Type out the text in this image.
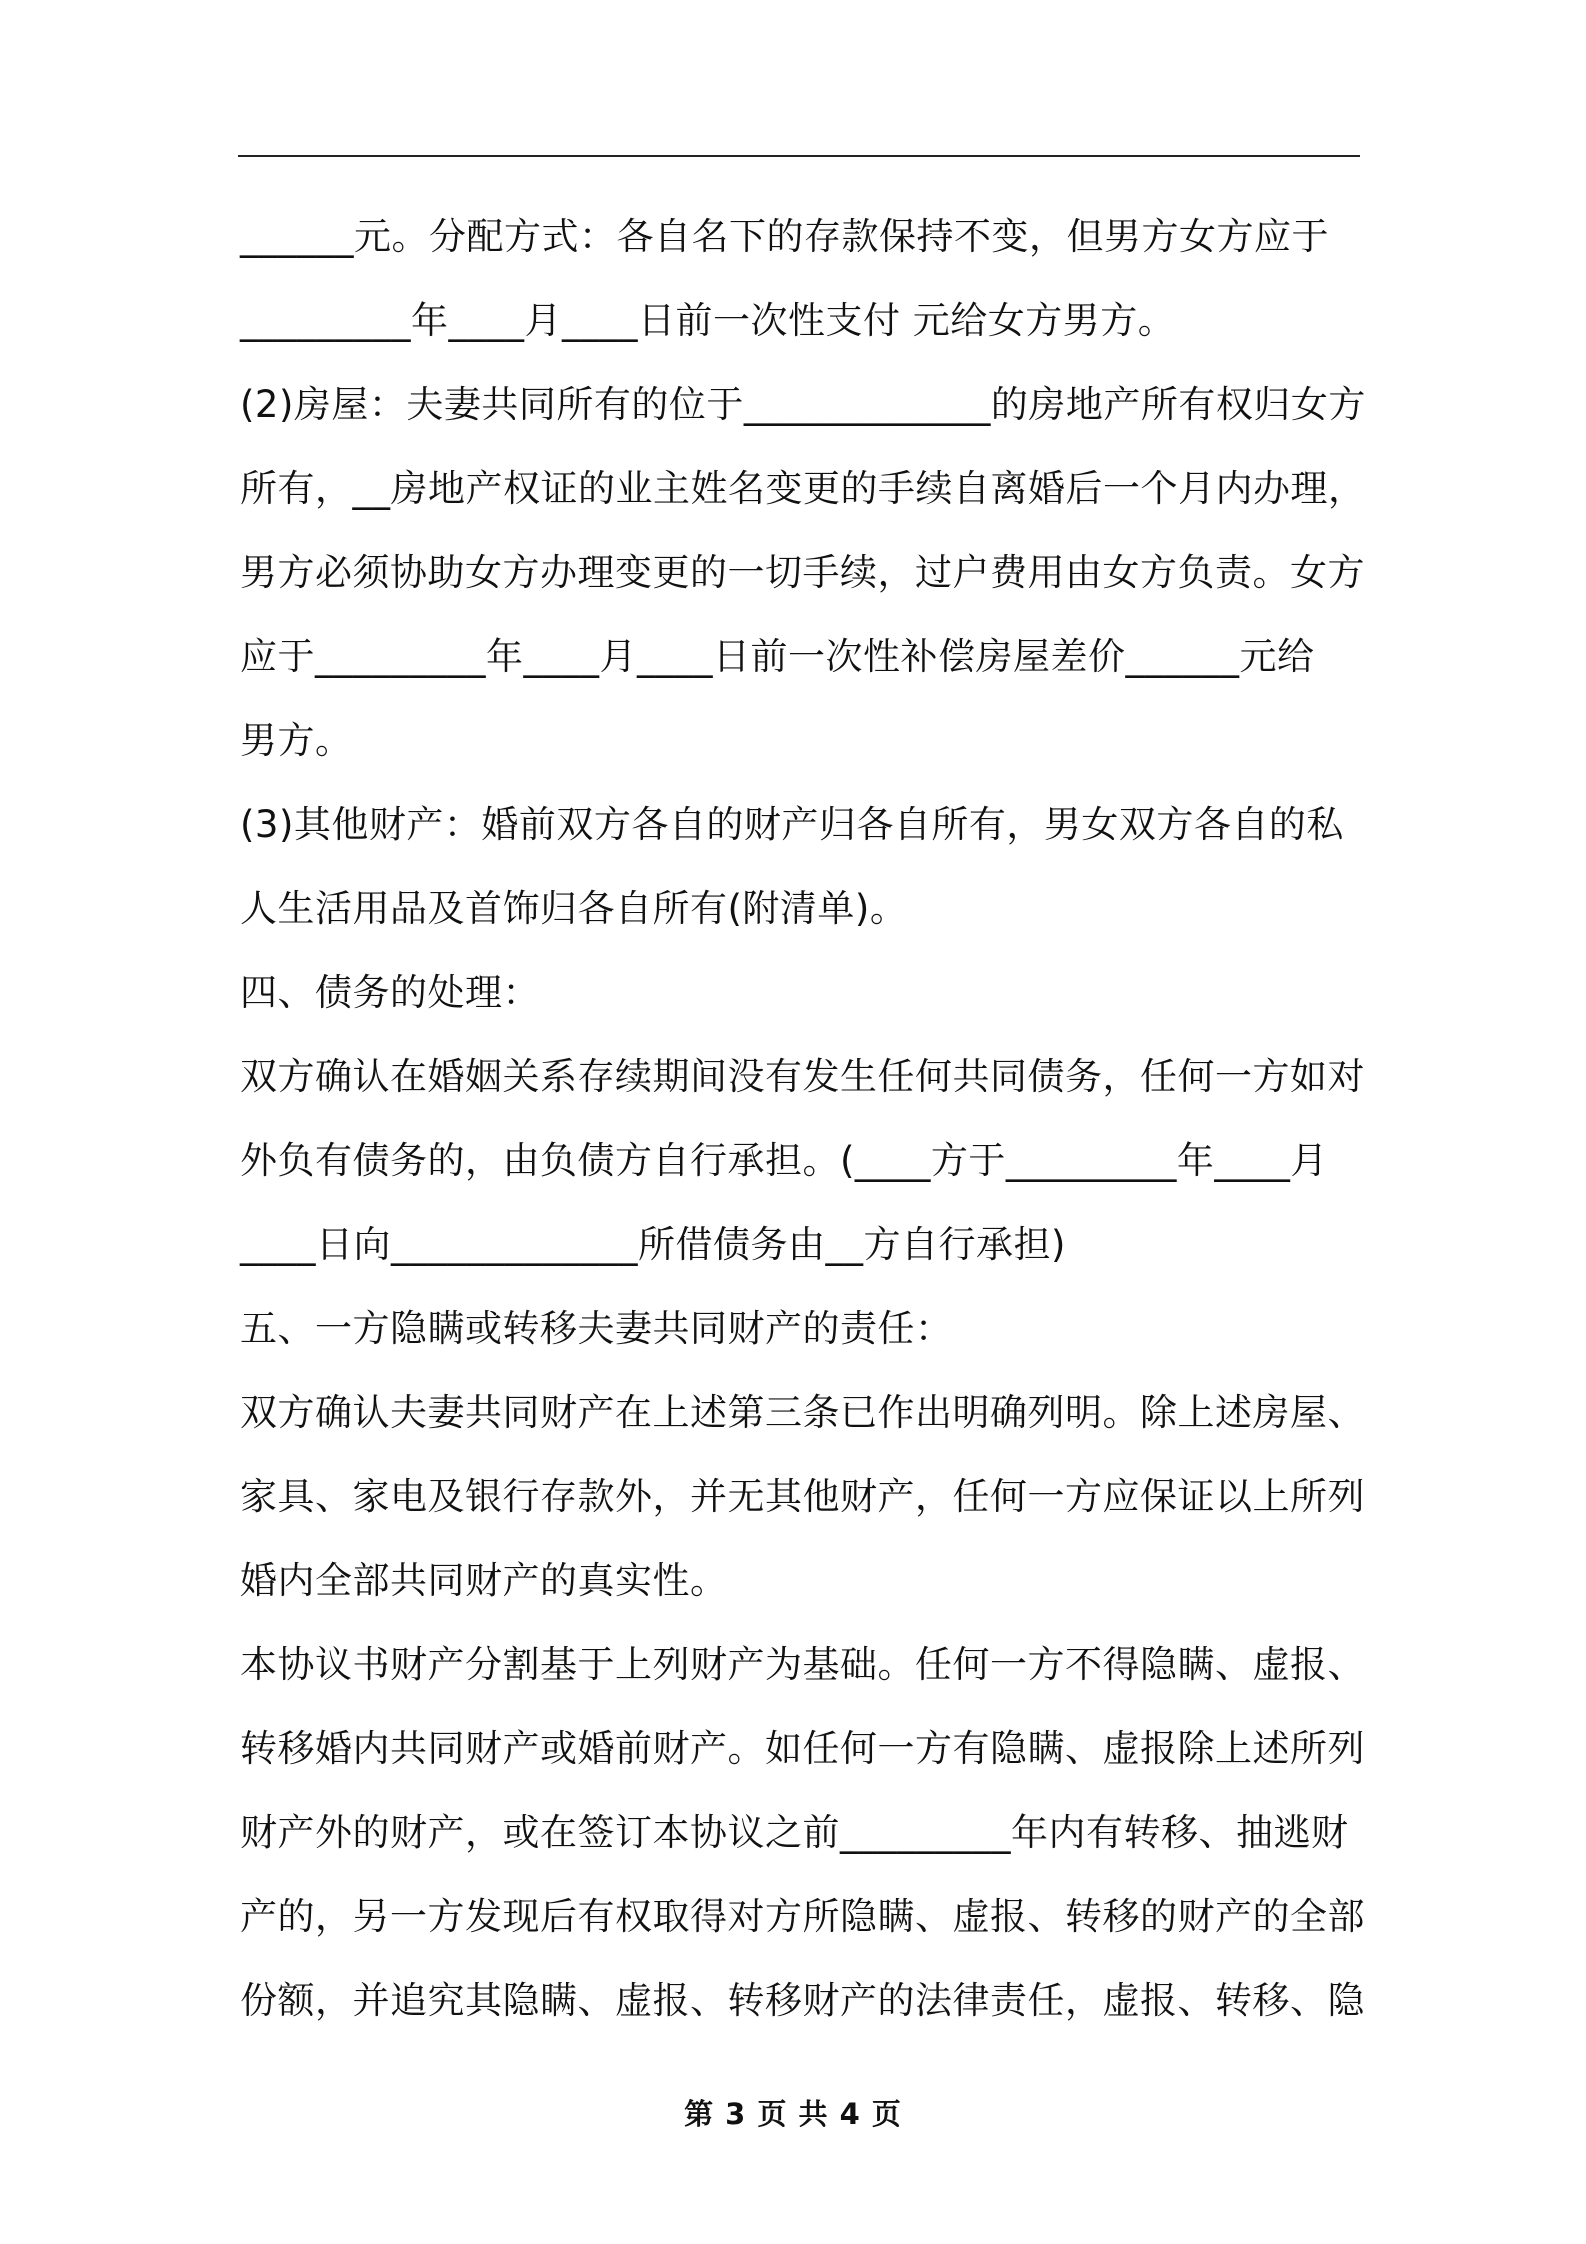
______元。分配方式：各自名下的存款保持不变，但男方女方应于
_________年____月____日前一次性支付 元给女方男方。
(2)房屋：夫妻共同所有的位于_____________的房地产所有权归女方
所有，__房地产权证的业主姓名变更的手续自离婚后一个月内办理，
男方必须协助女方办理变更的一切手续，过户费用由女方负责。女方
应于_________年____月____日前一次性补偿房屋差价______元给
男方。
(3)其他财产：婚前双方各自的财产归各自所有，男女双方各自的私
人生活用品及首饰归各自所有(附清单)。
四、债务的处理：
双方确认在婚姻关系存续期间没有发生任何共同债务，任何一方如对
外负有债务的，由负债方自行承担。(____方于_________年____月
____日向_____________所借债务由__方自行承担)
五、一方隐瞒或转移夫妻共同财产的责任：
双方确认夫妻共同财产在上述第三条已作出明确列明。除上述房屋、
家具、家电及银行存款外，并无其他财产，任何一方应保证以上所列
婚内全部共同财产的真实性。
本协议书财产分割基于上列财产为基础。任何一方不得隐瞒、虚报、
转移婚内共同财产或婚前财产。如任何一方有隐瞒、虚报除上述所列
财产外的财产，或在签订本协议之前_________年内有转移、抽逃财
产的，另一方发现后有权取得对方所隐瞒、虚报、转移的财产的全部
份额，并追究其隐瞒、虚报、转移财产的法律责任，虚报、转移、隐
第 3 页 共 4 页
